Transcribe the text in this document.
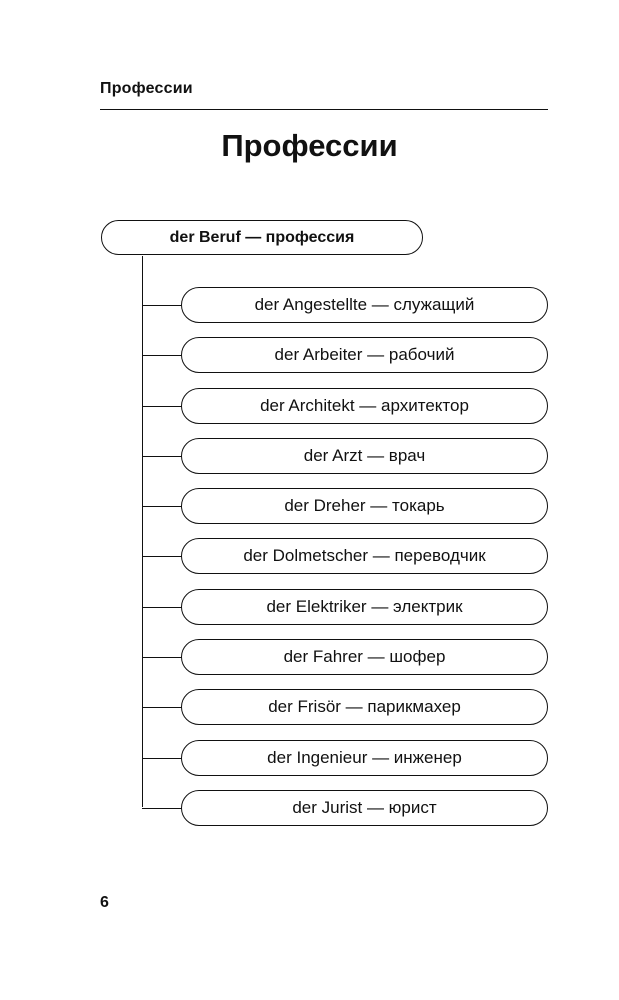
Профессии
Профессии
der Beruf — профессия
der Angestellte — служащий
der Arbeiter — рабочий
der Architekt — архитектор
der Arzt — врач
der Dreher — токарь
der Dolmetscher — переводчик
der Elektriker — электрик
der Fahrer — шофер
der Frisör — парикмахер
der Ingenieur — инженер
der Jurist — юрист
6
